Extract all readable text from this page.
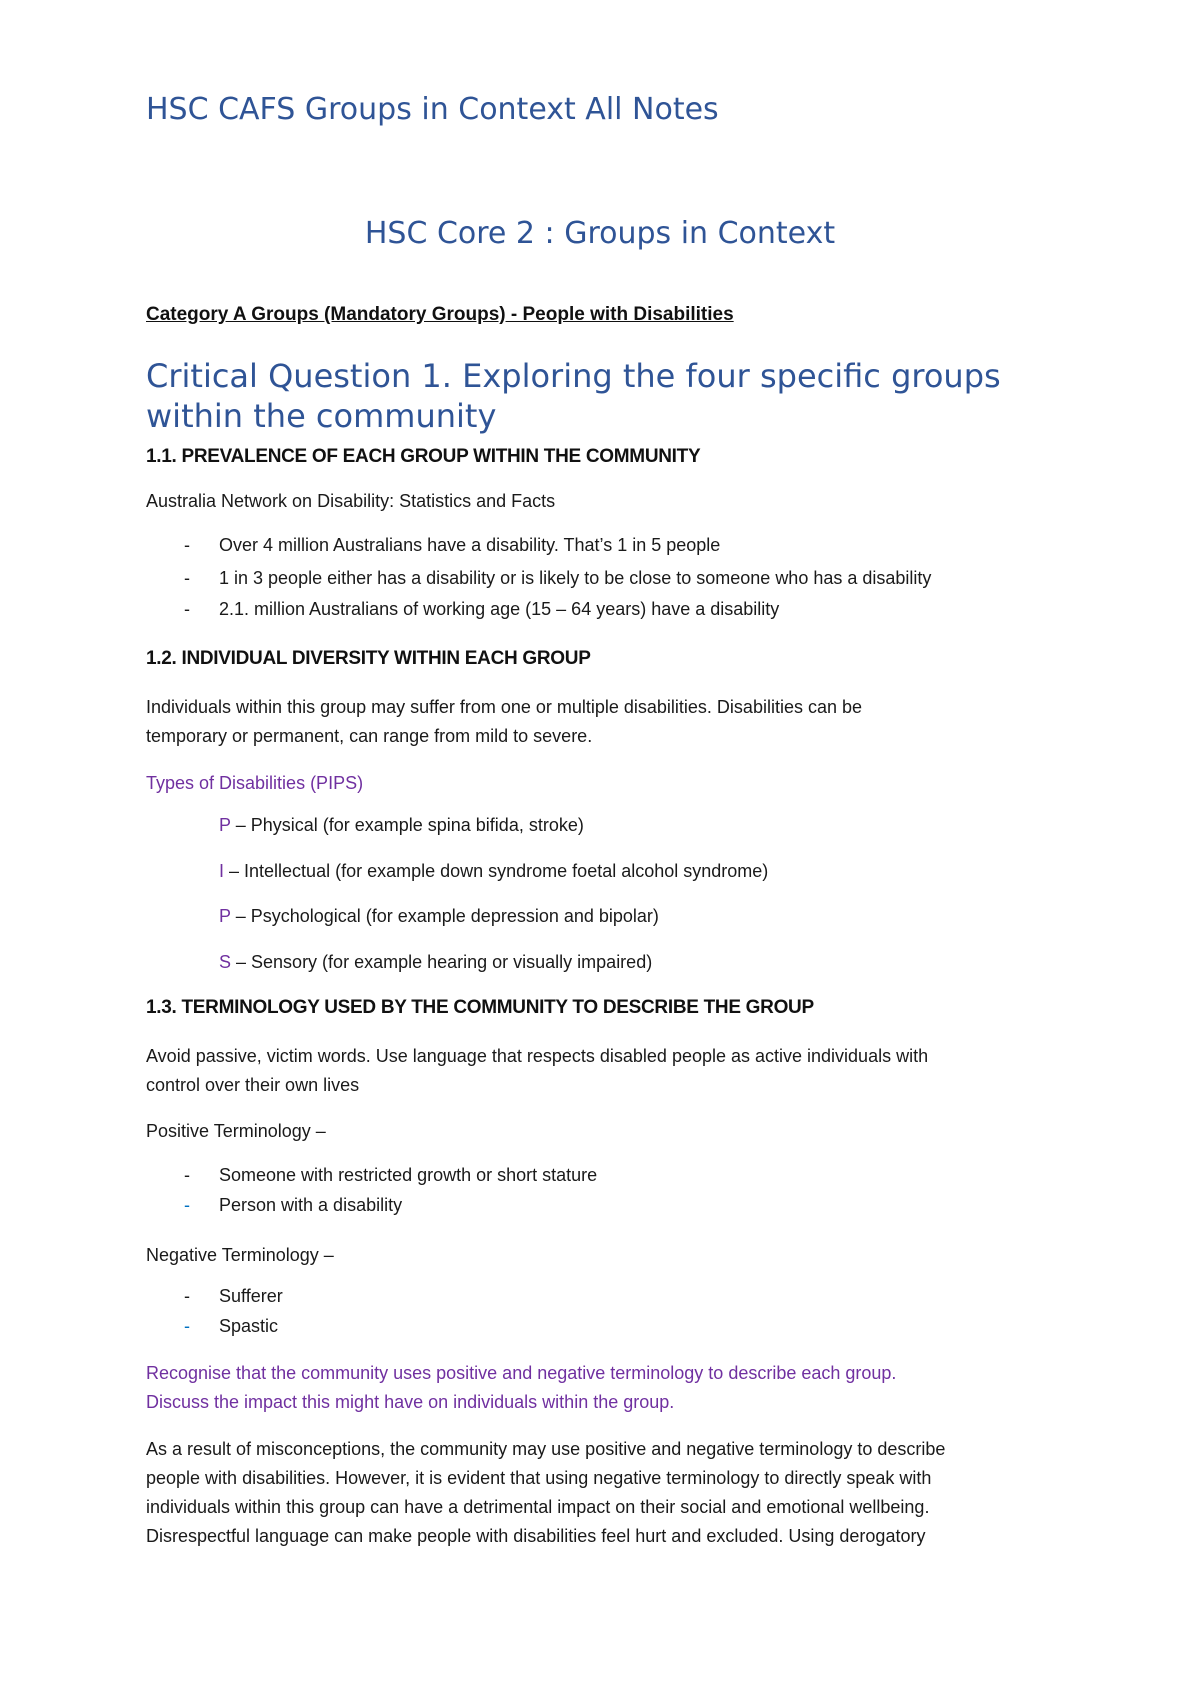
HSC CAFS Groups in Context All Notes
HSC Core 2 : Groups in Context
Category A Groups (Mandatory Groups) - People with Disabilities
Critical Question 1. Exploring the four specific groups
within the community
1.1. PREVALENCE OF EACH GROUP WITHIN THE COMMUNITY
Australia Network on Disability: Statistics and Facts
- Over 4 million Australians have a disability. That’s 1 in 5 people
- 1 in 3 people either has a disability or is likely to be close to someone who has a disability
- 2.1. million Australians of working age (15 – 64 years) have a disability
1.2. INDIVIDUAL DIVERSITY WITHIN EACH GROUP
Individuals within this group may suffer from one or multiple disabilities. Disabilities can be
temporary or permanent, can range from mild to severe.
Types of Disabilities (PIPS)
P – Physical (for example spina bifida, stroke)
I – Intellectual (for example down syndrome foetal alcohol syndrome)
P – Psychological (for example depression and bipolar)
S – Sensory (for example hearing or visually impaired)
1.3. TERMINOLOGY USED BY THE COMMUNITY TO DESCRIBE THE GROUP
Avoid passive, victim words. Use language that respects disabled people as active individuals with
control over their own lives
Positive Terminology –
- Someone with restricted growth or short stature
- Person with a disability
Negative Terminology –
- Sufferer
- Spastic
Recognise that the community uses positive and negative terminology to describe each group.
Discuss the impact this might have on individuals within the group.
As a result of misconceptions, the community may use positive and negative terminology to describe
people with disabilities. However, it is evident that using negative terminology to directly speak with
individuals within this group can have a detrimental impact on their social and emotional wellbeing.
Disrespectful language can make people with disabilities feel hurt and excluded. Using derogatory
